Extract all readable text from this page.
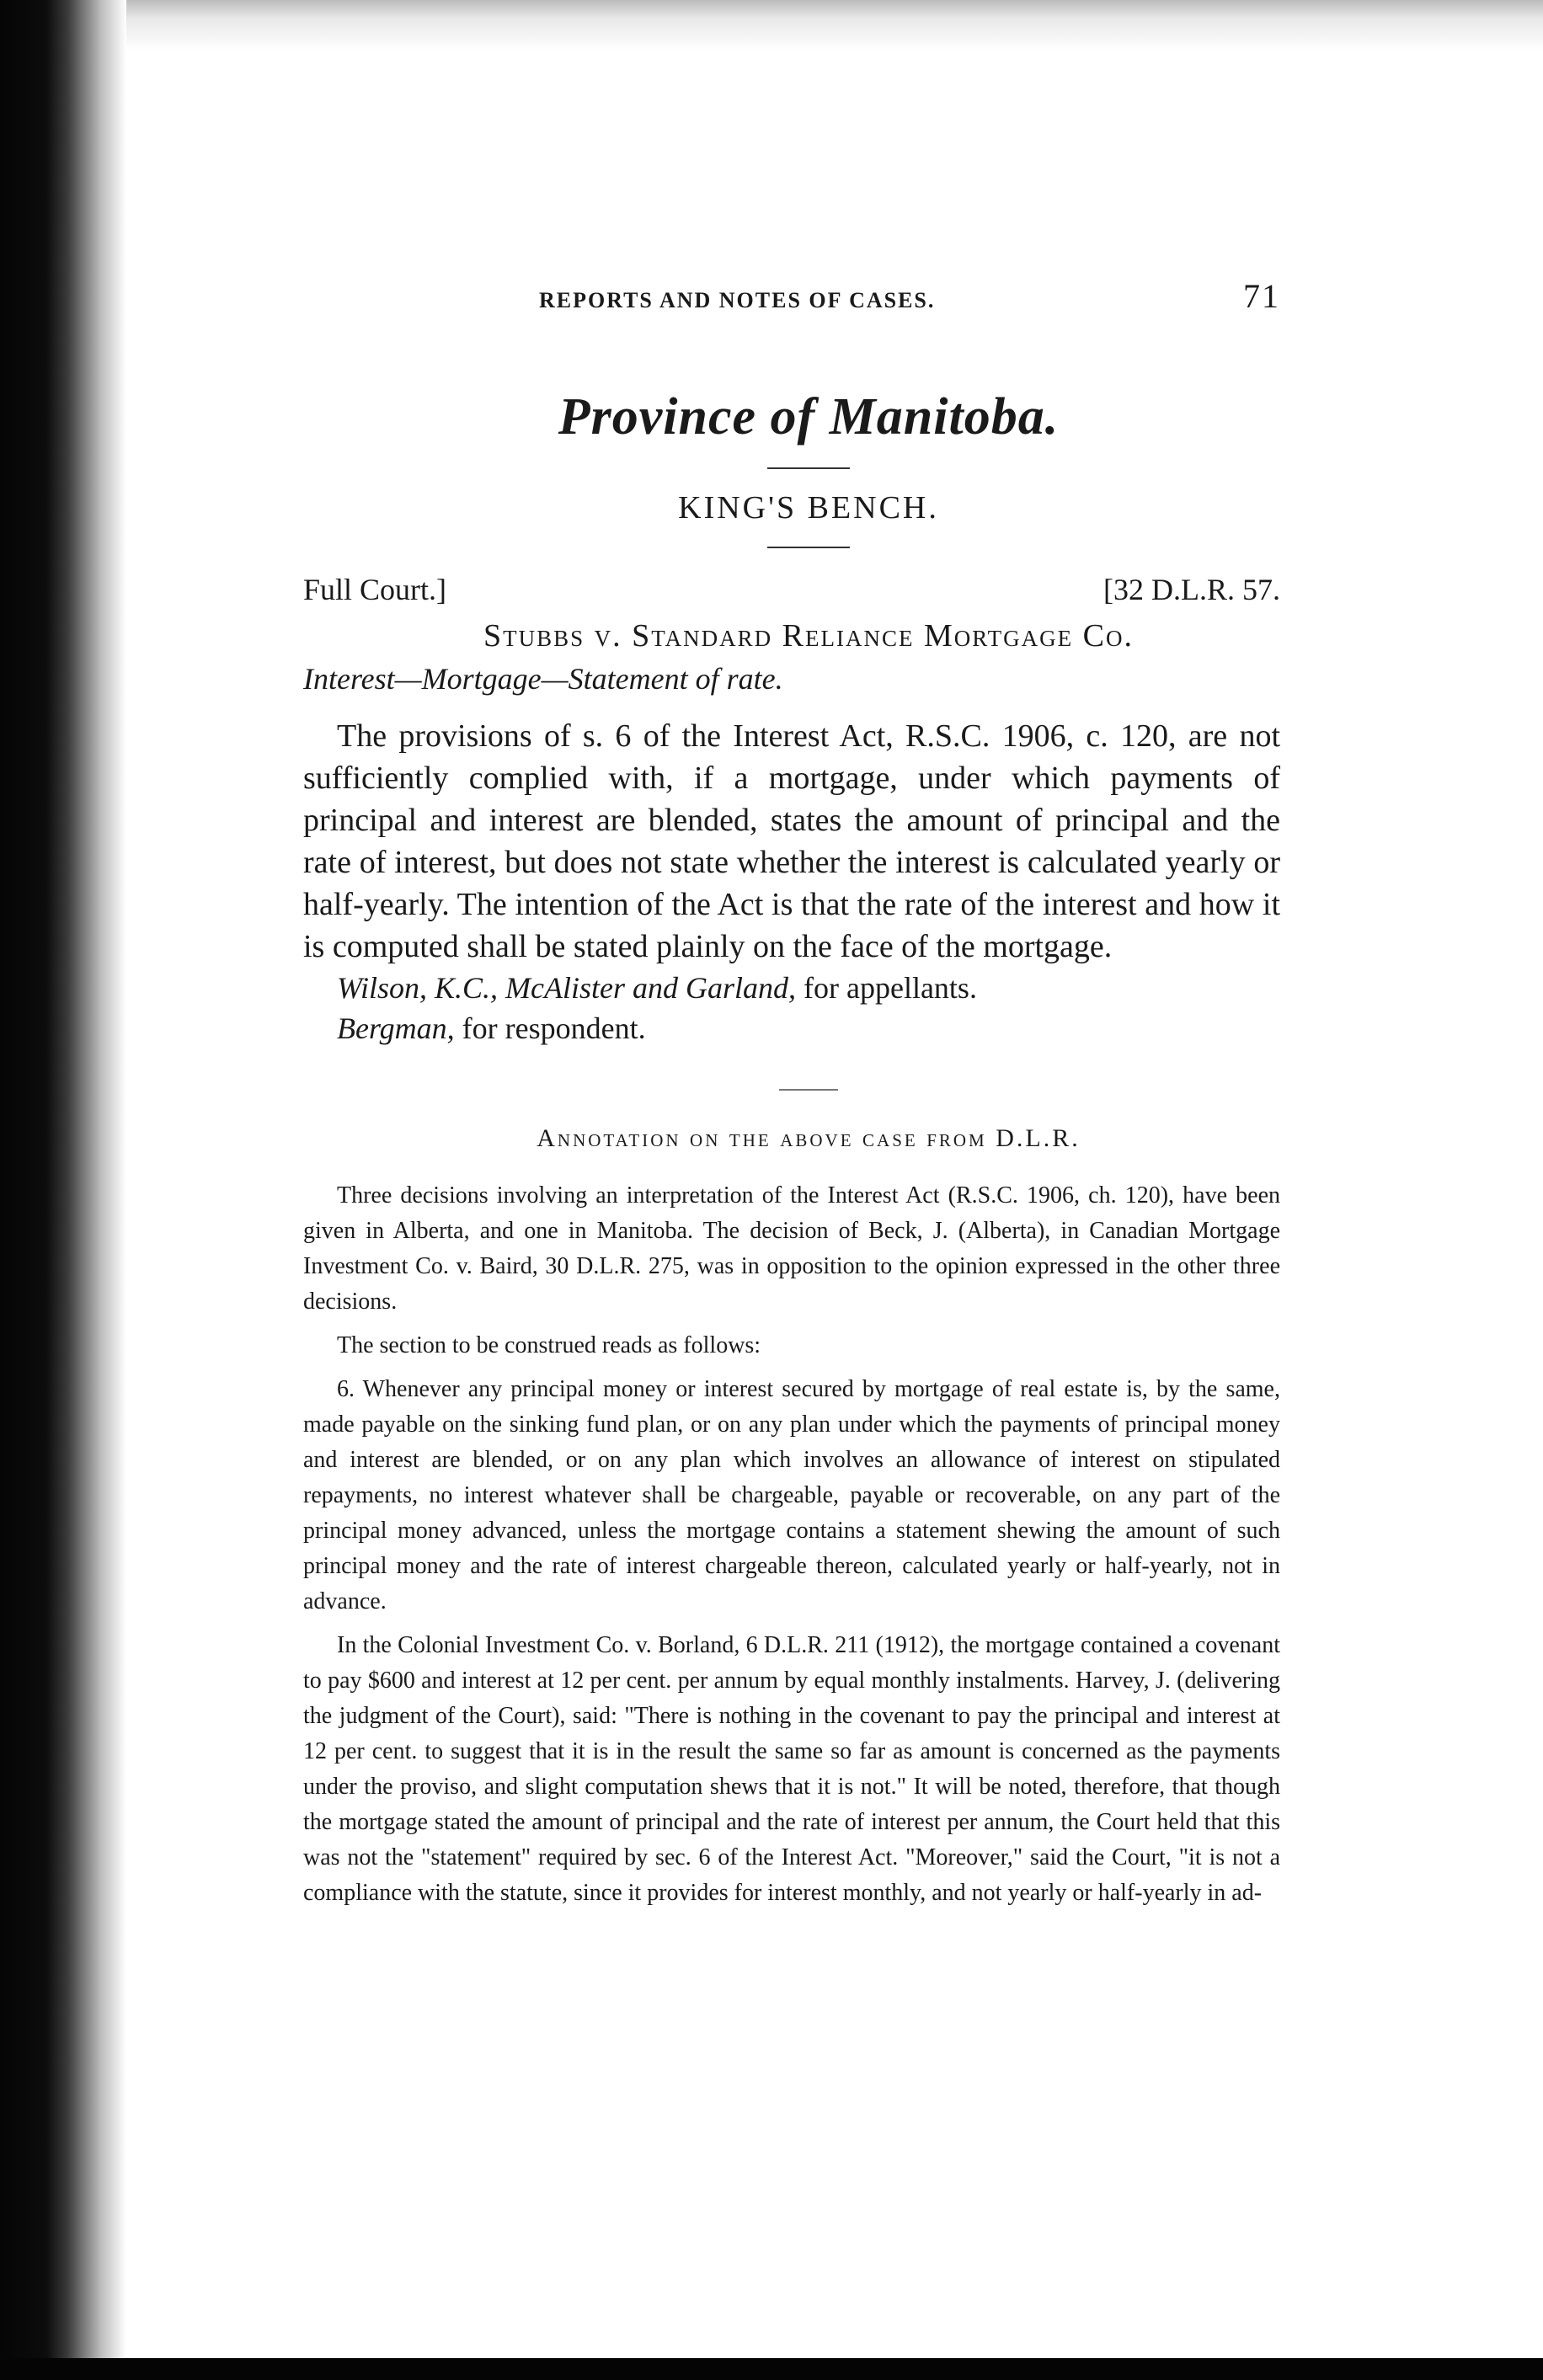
REPORTS AND NOTES OF CASES.	71
Province of Manitoba.
KING'S BENCH.
Full Court.]	[32 D.L.R. 57.
Stubbs v. Standard Reliance Mortgage Co.
Interest—Mortgage—Statement of rate.
The provisions of s. 6 of the Interest Act, R.S.C. 1906, c. 120, are not sufficiently complied with, if a mortgage, under which payments of principal and interest are blended, states the amount of principal and the rate of interest, but does not state whether the interest is calculated yearly or half-yearly. The intention of the Act is that the rate of the interest and how it is computed shall be stated plainly on the face of the mortgage.
Wilson, K.C., McAlister and Garland, for appellants.
Bergman, for respondent.
Annotation on the above case from D.L.R.

Three decisions involving an interpretation of the Interest Act (R.S.C. 1906, ch. 120), have been given in Alberta, and one in Manitoba. The decision of Beck, J. (Alberta), in Canadian Mortgage Investment Co. v. Baird, 30 D.L.R. 275, was in opposition to the opinion expressed in the other three decisions.

The section to be construed reads as follows:

6. Whenever any principal money or interest secured by mortgage of real estate is, by the same, made payable on the sinking fund plan, or on any plan under which the payments of principal money and interest are blended, or on any plan which involves an allowance of interest on stipulated repayments, no interest whatever shall be chargeable, payable or recoverable, on any part of the principal money advanced, unless the mortgage contains a statement shewing the amount of such principal money and the rate of interest chargeable thereon, calculated yearly or half-yearly, not in advance.

In the Colonial Investment Co. v. Borland, 6 D.L.R. 211 (1912), the mortgage contained a covenant to pay $600 and interest at 12 per cent. per annum by equal monthly instalments. Harvey, J. (delivering the judgment of the Court), said: "There is nothing in the covenant to pay the principal and interest at 12 per cent. to suggest that it is in the result the same so far as amount is concerned as the payments under the proviso, and slight computation shews that it is not." It will be noted, therefore, that though the mortgage stated the amount of principal and the rate of interest per annum, the Court held that this was not the "statement" required by sec. 6 of the Interest Act. "Moreover," said the Court, "it is not a compliance with the statute, since it provides for interest monthly, and not yearly or half-yearly in ad-
